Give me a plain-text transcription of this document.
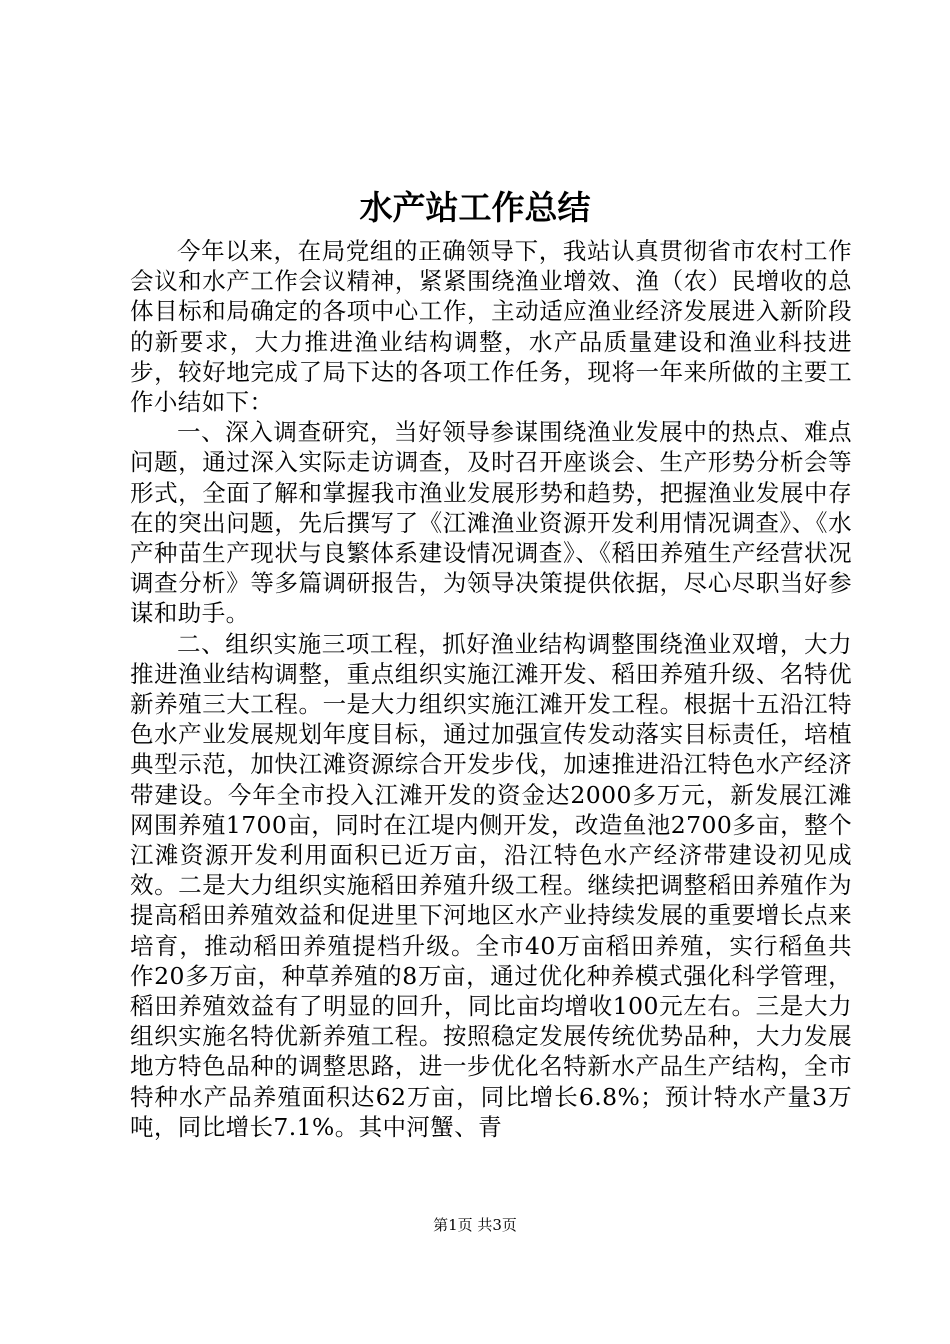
水产站工作总结

今年以来，在局党组的正确领导下，我站认真贯彻省市农村工作会议和水产工作会议精神，紧紧围绕渔业增效、渔（农）民增收的总体目标和局确定的各项中心工作，主动适应渔业经济发展进入新阶段的新要求，大力推进渔业结构调整，水产品质量建设和渔业科技进步，较好地完成了局下达的各项工作任务，现将一年来所做的主要工作小结如下：

一、深入调查研究，当好领导参谋围绕渔业发展中的热点、难点问题，通过深入实际走访调查，及时召开座谈会、生产形势分析会等形式，全面了解和掌握我市渔业发展形势和趋势，把握渔业发展中存在的突出问题，先后撰写了《江滩渔业资源开发利用情况调查》、《水产种苗生产现状与良繁体系建设情况调查》、《稻田养殖生产经营状况调查分析》等多篇调研报告，为领导决策提供依据，尽心尽职当好参谋和助手。

二、组织实施三项工程，抓好渔业结构调整围绕渔业双增，大力推进渔业结构调整，重点组织实施江滩开发、稻田养殖升级、名特优新养殖三大工程。一是大力组织实施江滩开发工程。根据十五沿江特色水产业发展规划年度目标，通过加强宣传发动落实目标责任，培植典型示范，加快江滩资源综合开发步伐，加速推进沿江特色水产经济带建设。今年全市投入江滩开发的资金达2000多万元，新发展江滩网围养殖1700亩，同时在江堤内侧开发，改造鱼池2700多亩，整个江滩资源开发利用面积已近万亩，沿江特色水产经济带建设初见成效。二是大力组织实施稻田养殖升级工程。继续把调整稻田养殖作为提高稻田养殖效益和促进里下河地区水产业持续发展的重要增长点来培育，推动稻田养殖提档升级。全市40万亩稻田养殖，实行稻鱼共作20多万亩，种草养殖的8万亩，通过优化种养模式强化科学管理，稻田养殖效益有了明显的回升，同比亩均增收100元左右。三是大力组织实施名特优新养殖工程。按照稳定发展传统优势品种，大力发展地方特色品种的调整思路，进一步优化名特新水产品生产结构，全市特种水产品养殖面积达62万亩，同比增长6.8%；预计特水产量3万吨，同比增长7.1%。其中河蟹、青

第1页 共3页
